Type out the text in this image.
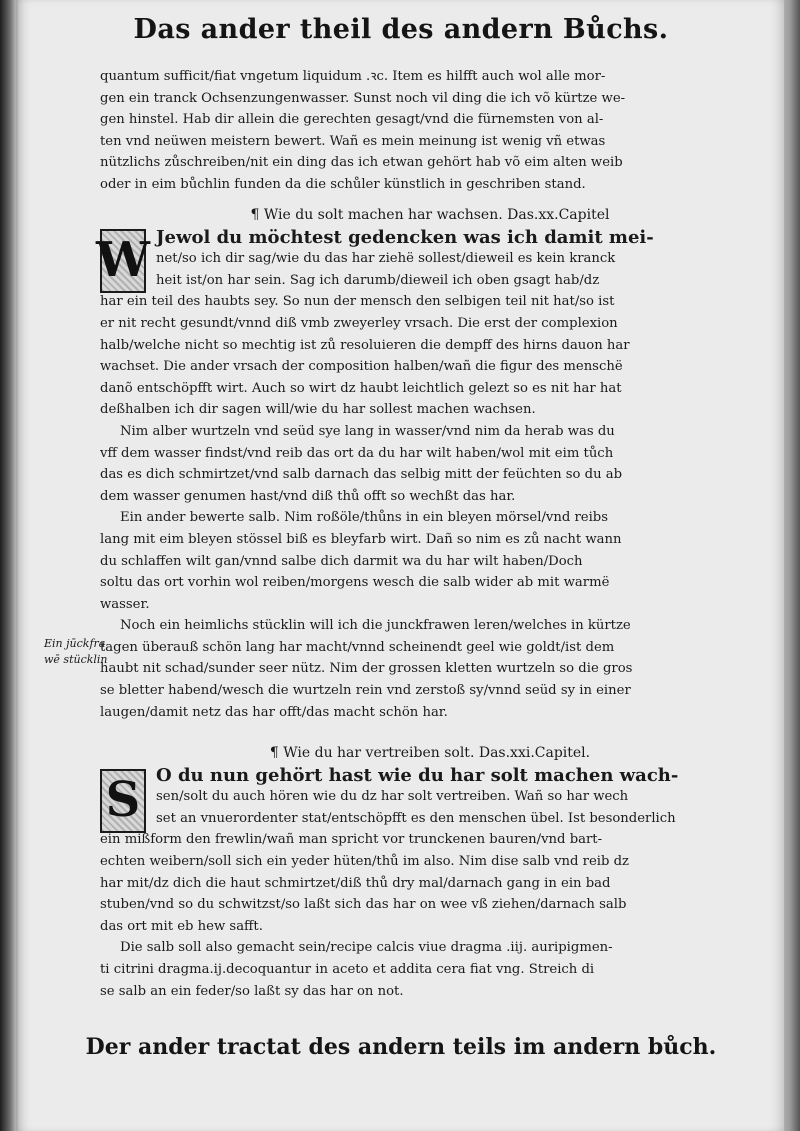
Das ander theil des andern Bůchs.
quantum sufficit/fiat vngetum liquidum .ꝛc. Item es hilfft auch wol alle mor-
gen ein tranck Ochsenzungenwasser. Sunst noch vil ding die ich võ kürtze we-
gen hinstel. Hab dir allein die gerechten gesagt/vnd die fürnemsten von al-
ten vnd neüwen meistern bewert. Wañ es mein meinung ist wenig vñ etwas
nützlichs zůschreiben/nit ein ding das ich etwan gehört hab võ eim alten weib
oder in eim bůchlin funden da die schůler künstlich in geschriben stand.
¶ Wie du solt machen har wachsen. Das.xx.Capitel
W Jewol du möchtest gedencken was ich damit mei-
net/so ich dir sag/wie du das har ziehë sollest/dieweil es kein kranck
heit ist/on har sein. Sag ich darumb/dieweil ich oben gsagt hab/dz
har ein teil des haubts sey. So nun der mensch den selbigen teil nit hat/so ist
er nit recht gesundt/vnnd diß vmb zweyerley vrsach. Die erst der complexion
halb/welche nicht so mechtig ist zů resoluieren die dempff des hirns dauon har
wachset. Die ander vrsach der composition halben/wañ die figur des menschë
danõ entschöpfft wirt. Auch so wirt dz haubt leichtlich gelezt so es nit har hat
deßhalben ich dir sagen will/wie du har sollest machen wachsen.
Nim alber wurtzeln vnd seüd sye lang in wasser/vnd nim da herab was du
vff dem wasser findst/vnd reib das ort da du har wilt haben/wol mit eim tůch
das es dich schmirtzet/vnd salb darnach das selbig mitt der feüchten so du ab
dem wasser genumen hast/vnd diß thů offt so wechßt das har.
Ein ander bewerte salb. Nim roßöle/thůns in ein bleyen mörsel/vnd reibs
lang mit eim bleyen stössel biß es bleyfarb wirt. Dañ so nim es zů nacht wann
du schlaffen wilt gan/vnnd salbe dich darmit wa du har wilt haben/Doch
soltu das ort vorhin wol reiben/morgens wesch die salb wider ab mit warmë
wasser.
Noch ein heimlichs stücklin will ich die junckfrawen leren/welches in kürtze
tagen überauß schön lang har macht/vnnd scheinendt geel wie goldt/ist dem
haubt nit schad/sunder seer nütz. Nim der grossen kletten wurtzeln so die gros
se bletter habend/wesch die wurtzeln rein vnd zerstoß sy/vnnd seüd sy in einer
laugen/damit netz das har offt/das macht schön har.
Ein jūckfra wē stücklin
¶ Wie du har vertreiben solt. Das.xxi.Capitel.
S O du nun gehört hast wie du har solt machen wach-
sen/solt du auch hören wie du dz har solt vertreiben. Wañ so har wech
set an vnuerordenter stat/entschöpfft es den menschen übel. Ist besonderlich
ein mißform den frewlin/wañ man spricht vor trunckenen bauren/vnd bart-
echten weibern/soll sich ein yeder hüten/thů im also. Nim dise salb vnd reib dz
har mit/dz dich die haut schmirtzet/diß thů dry mal/darnach gang in ein bad
stuben/vnd so du schwitzst/so laßt sich das har on wee vß ziehen/darnach salb
das ort mit eb hew safft.
Die salb soll also gemacht sein/recipe calcis viue dragma .iij. auripigmen-
ti citrini dragma.ij.decoquantur in aceto et addita cera fiat vng. Streich di
se salb an ein feder/so laßt sy das har on not.
Der ander tractat des andern teils im andern bůch.
